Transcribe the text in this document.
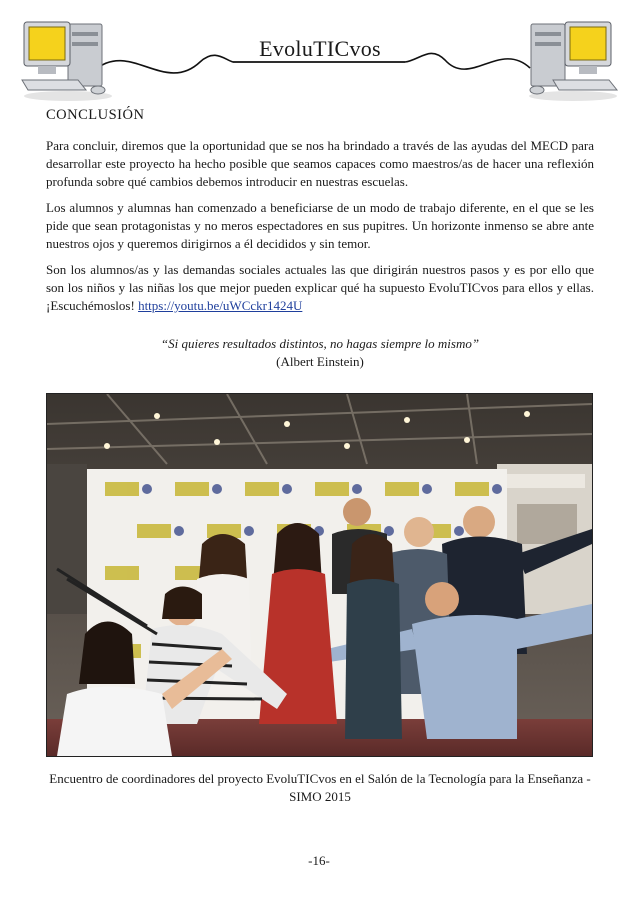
EvoluTICvos
CONCLUSIÓN

Para concluir, diremos que la oportunidad que se nos ha brindado a través de las ayudas del MECD para desarrollar este proyecto ha hecho posible que seamos capaces como maestros/as de hacer una reflexión profunda sobre qué cambios debemos introducir en nuestras escuelas.

Los alumnos y alumnas han comenzado a beneficiarse de un modo de trabajo diferente, en el que se les pide que sean protagonistas y no meros espectadores en sus pupitres. Un horizonte inmenso se abre ante nuestros ojos y queremos dirigirnos a él decididos y sin temor.

Son los alumnos/as y las demandas sociales actuales las que dirigirán nuestros pasos y es por ello que son los niños y las niñas los que mejor pueden explicar qué ha supuesto EvoluTICvos para ellos y ellas. ¡Escuchémoslos! https://youtu.be/uWCckr1424U

“Si quieres resultados distintos, no hagas siempre lo mismo”
(Albert Einstein)
Encuentro de coordinadores del proyecto EvoluTICvos en el Salón de la Tecnología para la Enseñanza - SIMO 2015
-16-
